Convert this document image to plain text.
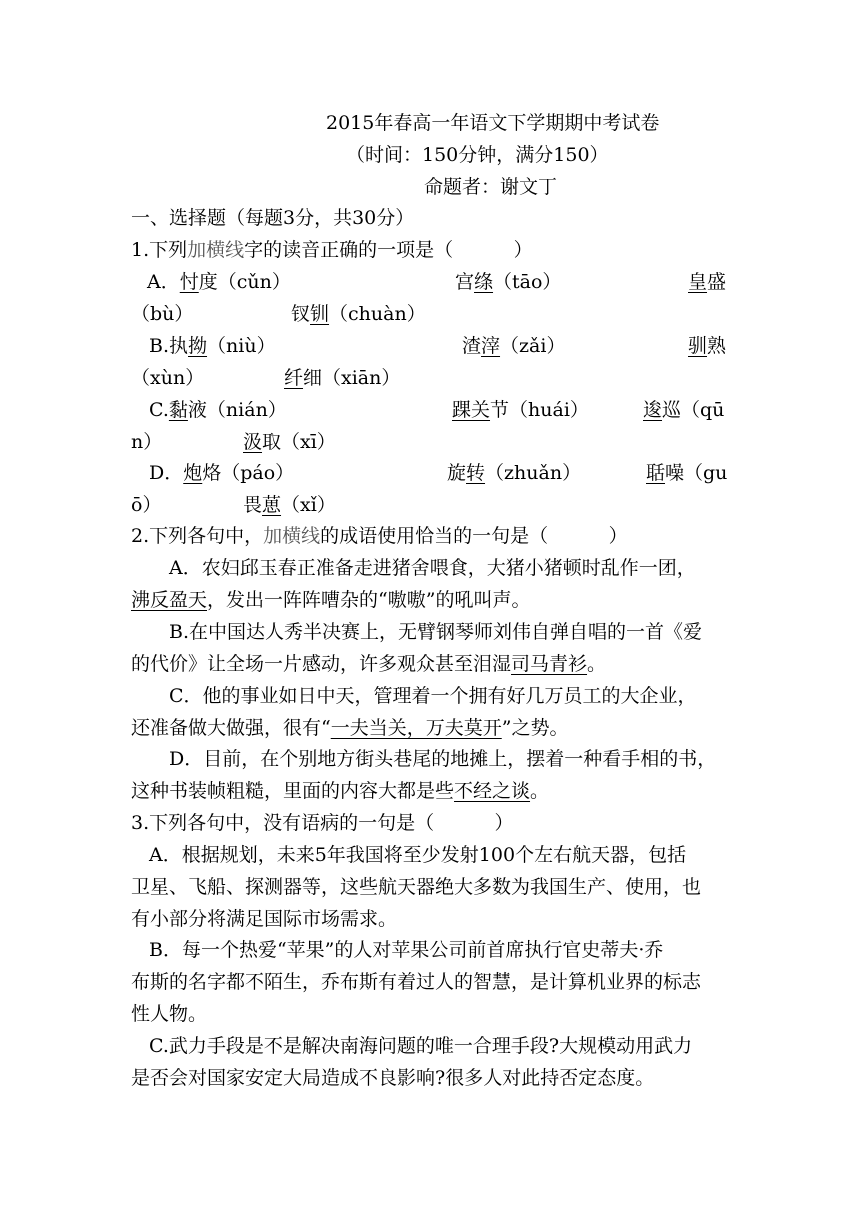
2015年春高一年语文下学期期中考试卷
（时间：150分钟，满分150）
命题者：谢文丁
一、选择题（每题3分，共30分）
1.下列加横线字的读音正确的一项是（	）
A．忖度（cǔn）	宫绦（tāo）	皇盛
（bù）	钗钏（chuàn）
B.执拗（niù）	渣滓（zǎi）	驯熟
（xùn）	纤细（xiān）
C.黏液（nián）	踝关节（huái）	逡巡（qū
n）	汲取（xī）
D．炮烙（páo）	旋转（zhuǎn）	聒噪（gu
ō）	畏葸（xǐ）
2.下列各句中，加横线的成语使用恰当的一句是（	）
A．农妇邱玉春正准备走进猪舍喂食，大猪小猪顿时乱作一团，
沸反盈天，发出一阵阵嘈杂的“嗷嗷”的吼叫声。
B.在中国达人秀半决赛上，无臂钢琴师刘伟自弹自唱的一首《爱
的代价》让全场一片感动，许多观众甚至泪湿司马青衫。
C．他的事业如日中天，管理着一个拥有好几万员工的大企业，
还准备做大做强，很有“一夫当关，万夫莫开”之势。
D．目前，在个别地方街头巷尾的地摊上，摆着一种看手相的书，
这种书装帧粗糙，里面的内容大都是些不经之谈。
3.下列各句中，没有语病的一句是（	）
A．根据规划，未来5年我国将至少发射100个左右航天器，包括
卫星、飞船、探测器等，这些航天器绝大多数为我国生产、使用，也
有小部分将满足国际市场需求。
B．每一个热爱“苹果”的人对苹果公司前首席执行官史蒂夫·乔
布斯的名字都不陌生，乔布斯有着过人的智慧，是计算机业界的标志
性人物。
C.武力手段是不是解决南海问题的唯一合理手段?大规模动用武力
是否会对国家安定大局造成不良影响?很多人对此持否定态度。
